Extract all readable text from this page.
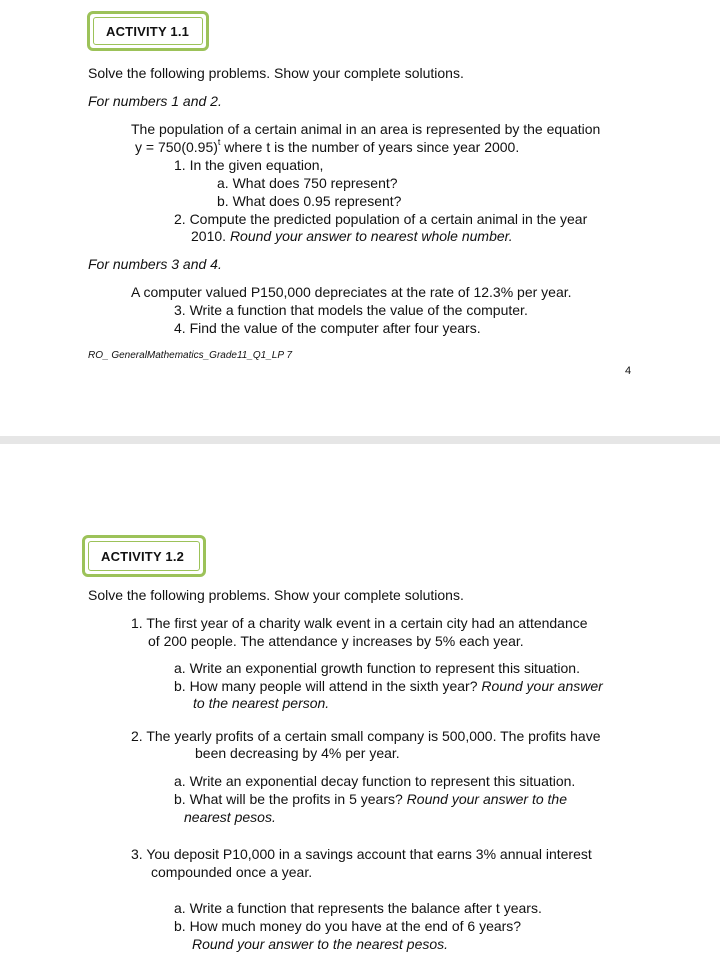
ACTIVITY 1.1
Solve the following problems. Show your complete solutions.
For numbers 1 and 2.
The population of a certain animal in an area is represented by the equation
$y = 750(0.95)^t$ where t is the number of years since year 2000.
1. In the given equation,
a. What does 750 represent?
b. What does 0.95 represent?
2. Compute the predicted population of a certain animal in the year
2010. Round your answer to nearest whole number.
For numbers 3 and 4.
A computer valued P150,000 depreciates at the rate of 12.3% per year.
3. Write a function that models the value of the computer.
4. Find the value of the computer after four years.
RO_ GeneralMathematics_Grade11_Q1_LP 7
4
ACTIVITY 1.2
Solve the following problems. Show your complete solutions.
1. The first year of a charity walk event in a certain city had an attendance
of 200 people. The attendance y increases by 5% each year.
a. Write an exponential growth function to represent this situation.
b. How many people will attend in the sixth year? Round your answer
to the nearest person.
2. The yearly profits of a certain small company is 500,000. The profits have
been decreasing by 4% per year.
a. Write an exponential decay function to represent this situation.
b. What will be the profits in 5 years? Round your answer to the
nearest pesos.
3. You deposit P10,000 in a savings account that earns 3% annual interest
compounded once a year.
a. Write a function that represents the balance after t years.
b. How much money do you have at the end of 6 years?
Round your answer to the nearest pesos.
